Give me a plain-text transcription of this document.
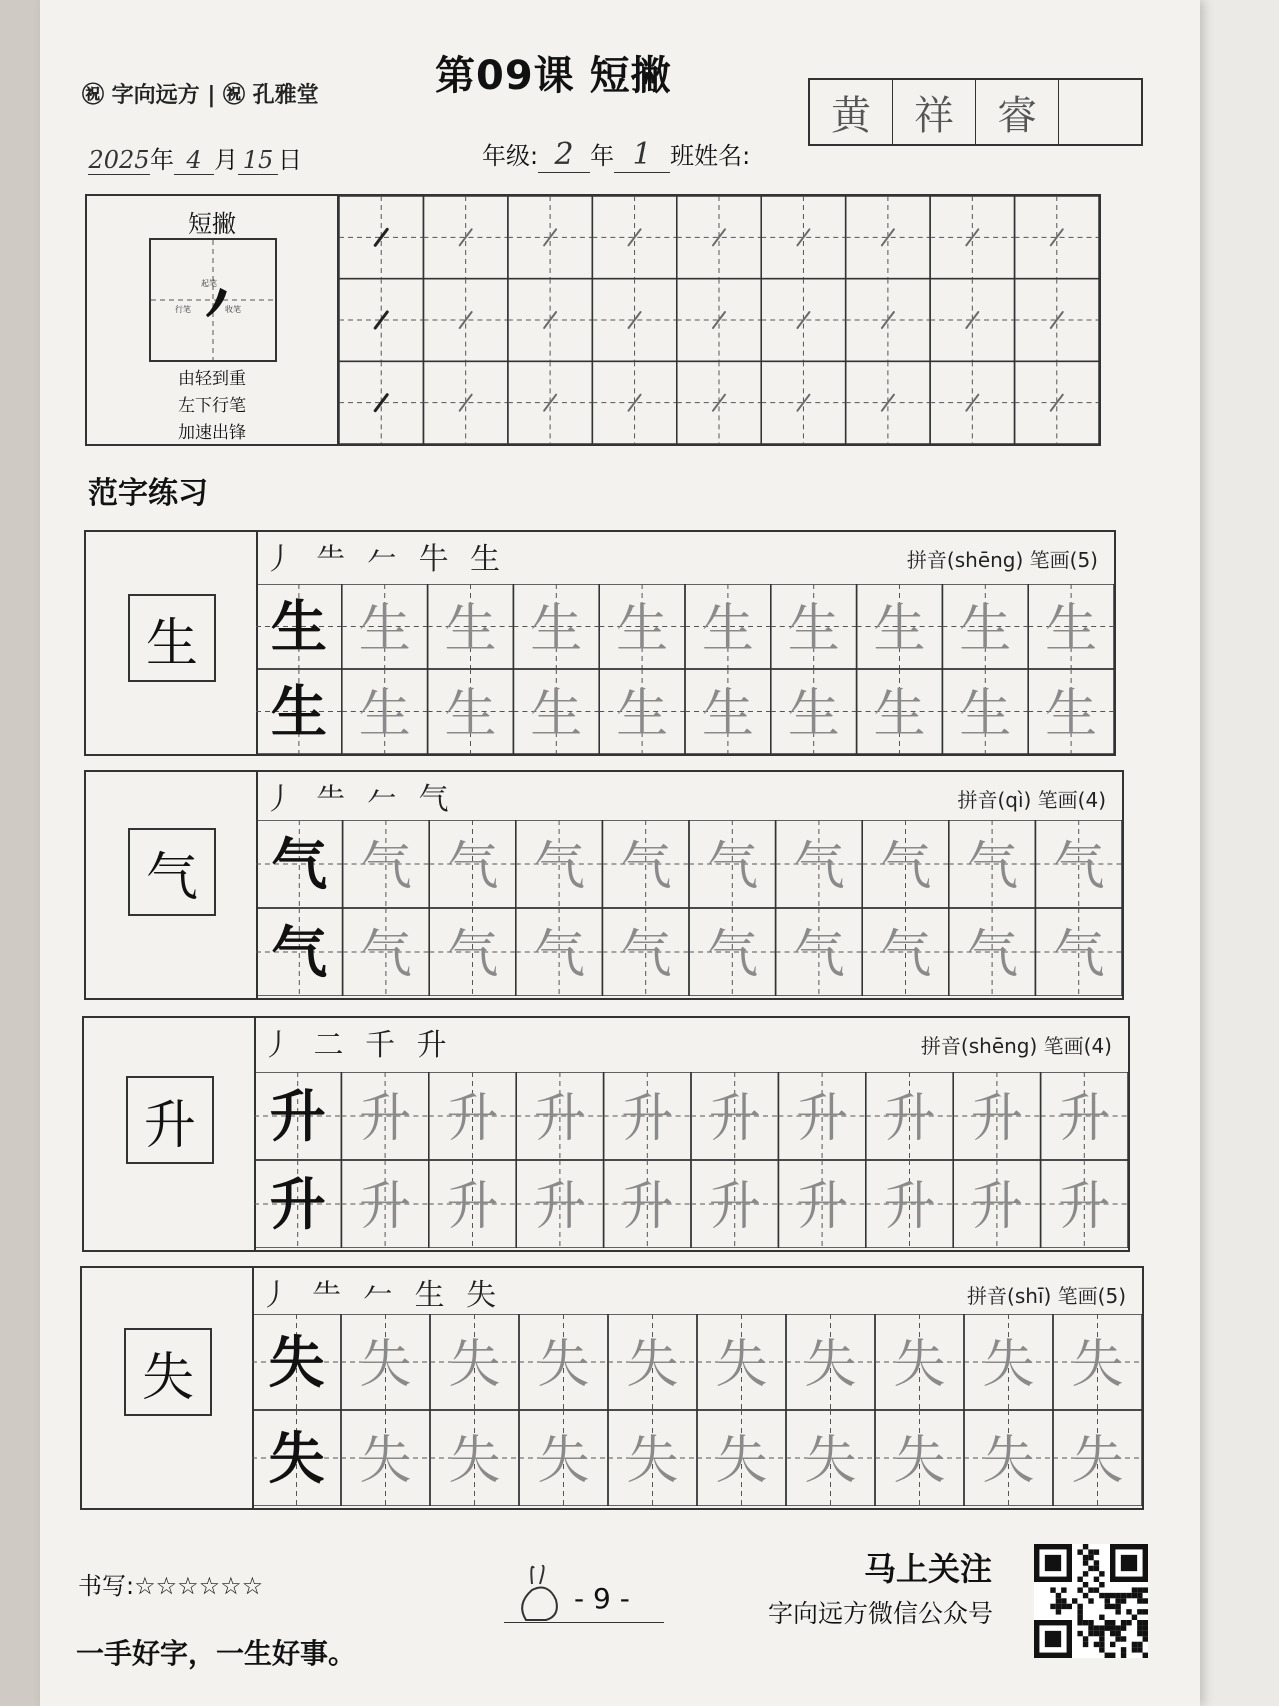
㊗ 字向远方 | ㊗ 孔雅堂	第09课 短撇
2025年 4 月 15 日	年级: 2 年 1 班姓名:
黄	祥	睿
短撇
起笔
行笔	收笔
由轻到重
左下行笔
加速出锋
范字练习
生
丿 ⺧ 𠂉 牛 生	拼音(shēng) 笔画(5)
生 生 生 生 生 生 生 生 生 生
生 生 生 生 生 生 生 生 生 生
气
丿 ⺧ 𠂉 气	拼音(qì) 笔画(4)
气 气 气 气 气 气 气 气 气 气
气 气 气 气 气 气 气 气 气 气
升
丿 二 千 升	拼音(shēng) 笔画(4)
升 升 升 升 升 升 升 升 升 升
升 升 升 升 升 升 升 升 升 升
失
丿 ⺧ 𠂉 生 失	拼音(shī) 笔画(5)
失 失 失 失 失 失 失 失 失 失
失 失 失 失 失 失 失 失 失 失
书写:☆☆☆☆☆☆
一手好字，一生好事。
- 9 -
马上关注
字向远方微信公众号
